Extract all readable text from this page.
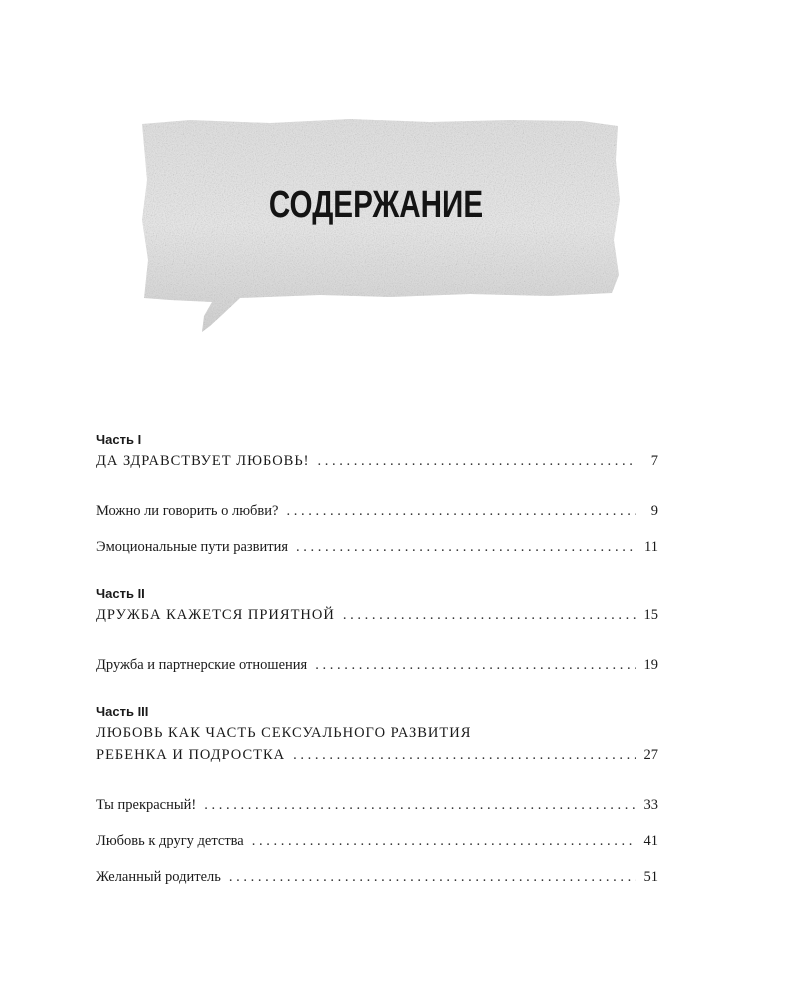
СОДЕРЖАНИЕ
Часть I
ДА ЗДРАВСТВУЕТ ЛЮБОВЬ! . . .	7
Можно ли говорить о любви? . . .	9
Эмоциональные пути развития . . .	11
Часть II
ДРУЖБА КАЖЕТСЯ ПРИЯТНОЙ . . .	15
Дружба и партнерские отношения . . .	19
Часть III
ЛЮБОВЬ КАК ЧАСТЬ СЕКСУАЛЬНОГО РАЗВИТИЯ
РЕБЕНКА И ПОДРОСТКА . . .	27
Ты прекрасный! . . .	33
Любовь к другу детства . . .	41
Желанный родитель . . .	51
